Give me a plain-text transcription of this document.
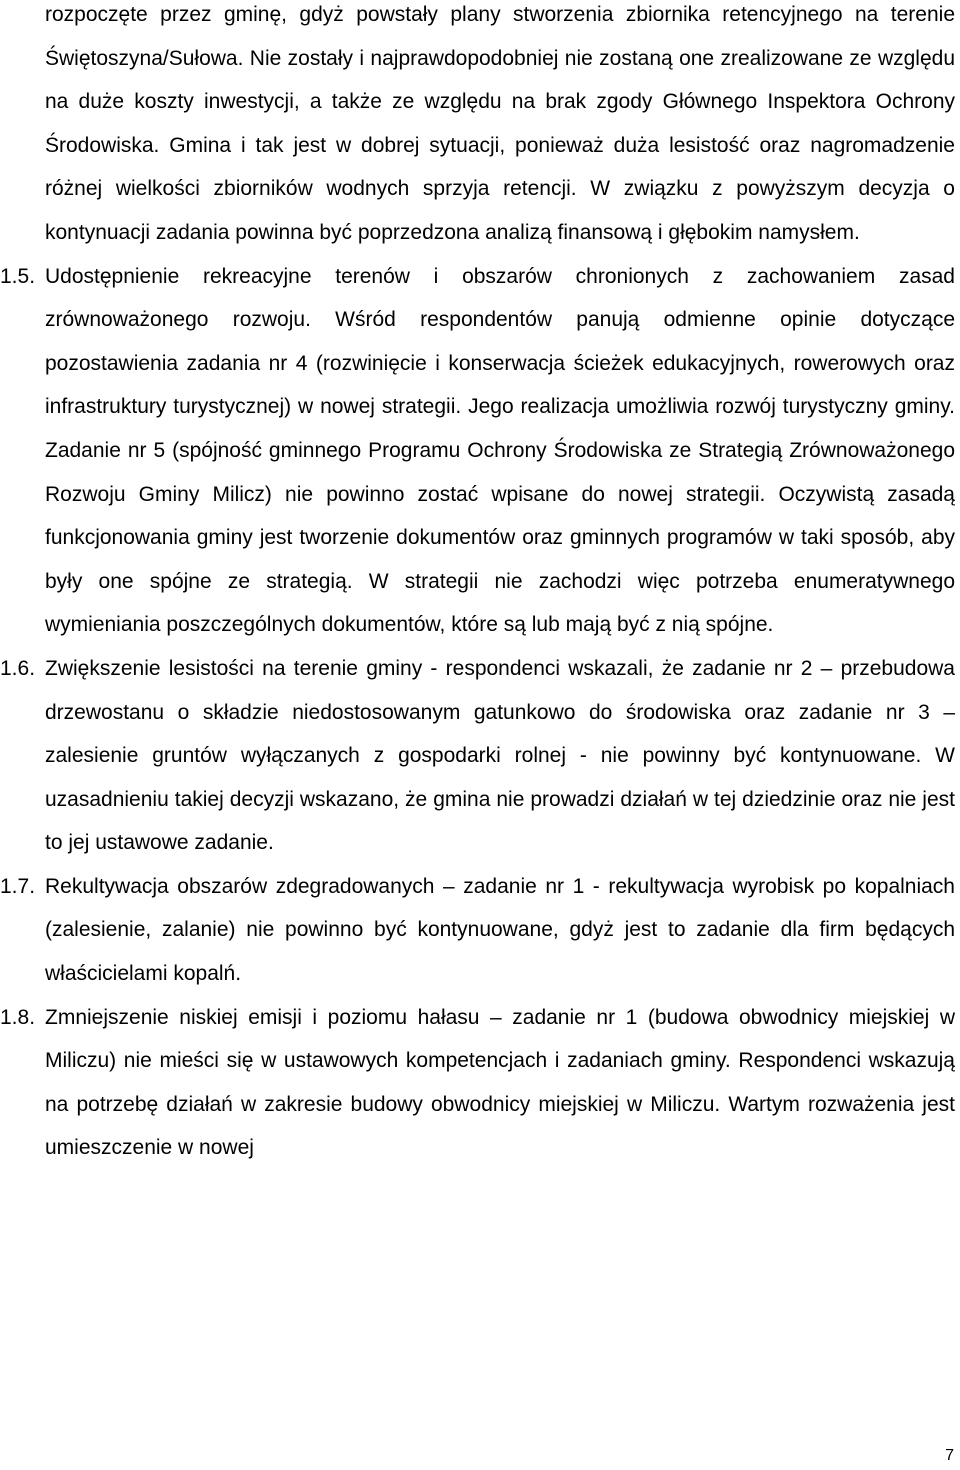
rozpoczęte przez gminę, gdyż powstały plany stworzenia zbiornika retencyjnego na terenie Świętoszyna/Sułowa. Nie zostały i najprawdopodobniej nie zostaną one zrealizowane ze względu na duże koszty inwestycji, a także ze względu na brak zgody Głównego Inspektora Ochrony Środowiska. Gmina i tak jest w dobrej sytuacji, ponieważ duża lesistość oraz nagromadzenie różnej wielkości zbiorników wodnych sprzyja retencji. W związku z powyższym decyzja o kontynuacji zadania powinna być poprzedzona analizą finansową i głębokim namysłem.

1.5. Udostępnienie rekreacyjne terenów i obszarów chronionych z zachowaniem zasad zrównoważonego rozwoju. Wśród respondentów panują odmienne opinie dotyczące pozostawienia zadania nr 4 (rozwinięcie i konserwacja ścieżek edukacyjnych, rowerowych oraz infrastruktury turystycznej) w nowej strategii. Jego realizacja umożliwia rozwój turystyczny gminy. Zadanie nr 5 (spójność gminnego Programu Ochrony Środowiska ze Strategią Zrównoważonego Rozwoju Gminy Milicz) nie powinno zostać wpisane do nowej strategii. Oczywistą zasadą funkcjonowania gminy jest tworzenie dokumentów oraz gminnych programów w taki sposób, aby były one spójne ze strategią. W strategii nie zachodzi więc potrzeba enumeratywnego wymieniania poszczególnych dokumentów, które są lub mają być z nią spójne.

1.6. Zwiększenie lesistości na terenie gminy - respondenci wskazali, że zadanie nr 2 – przebudowa drzewostanu o składzie niedostosowanym gatunkowo do środowiska oraz zadanie nr 3 – zalesienie gruntów wyłączanych z gospodarki rolnej - nie powinny być kontynuowane. W uzasadnieniu takiej decyzji wskazano, że gmina nie prowadzi działań w tej dziedzinie oraz nie jest to jej ustawowe zadanie.

1.7. Rekultywacja obszarów zdegradowanych – zadanie nr 1 - rekultywacja wyrobisk po kopalniach (zalesienie, zalanie) nie powinno być kontynuowane, gdyż jest to zadanie dla firm będących właścicielami kopalń.

1.8. Zmniejszenie niskiej emisji i poziomu hałasu – zadanie nr 1 (budowa obwodnicy miejskiej w Miliczu) nie mieści się w ustawowych kompetencjach i zadaniach gminy. Respondenci wskazują na potrzebę działań w zakresie budowy obwodnicy miejskiej w Miliczu. Wartym rozważenia jest umieszczenie w nowej

7
